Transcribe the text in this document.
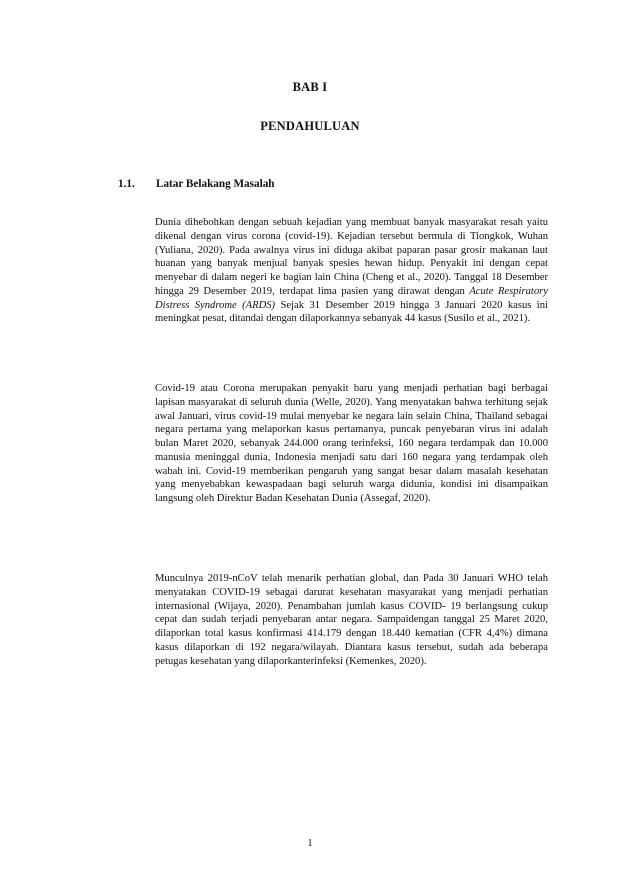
BAB I
PENDAHULUAN
1.1. Latar Belakang Masalah

Dunia dihebohkan dengan sebuah kejadian yang membuat banyak masyarakat resah yaitu dikenal dengan virus corona (covid-19). Kejadian tersebut bermula di Tiongkok, Wuhan (Yuliana, 2020). Pada awalnya virus ini diduga akibat paparan pasar grosir makanan laut huanan yang banyak menjual banyak spesies hewan hidup. Penyakit ini dengan cepat menyebar di dalam negeri ke bagian lain China (Cheng et al., 2020). Tanggal 18 Desember hingga 29 Desember 2019, terdapat lima pasien yang dirawat dengan Acute Respiratory Distress Syndrome (ARDS) Sejak 31 Desember 2019 hingga 3 Januari 2020 kasus ini meningkat pesat, ditandai dengan dilaporkannya sebanyak 44 kasus (Susilo et al., 2021).

Covid-19 atau Corona merupakan penyakit baru yang menjadi perhatian bagi berbagai lapisan masyarakat di seluruh dunia (Welle, 2020). Yang menyatakan bahwa terhitung sejak awal Januari, virus covid-19 mulai menyebar ke negara lain selain China, Thailand sebagai negara pertama yang melaporkan kasus pertamanya, puncak penyebaran virus ini adalah bulan Maret 2020, sebanyak 244.000 orang terinfeksi, 160 negara terdampak dan 10.000 manusia meninggal dunia, Indonesia menjadi satu dari 160 negara yang terdampak oleh wabah ini. Covid-19 memberikan pengaruh yang sangat besar dalam masalah kesehatan yang menyebabkan kewaspadaan bagi seluruh warga didunia, kondisi ini disampaikan langsung oleh Direktur Badan Kesehatan Dunia (Assegaf, 2020).

Munculnya 2019-nCoV telah menarik perhatian global, dan Pada 30 Januari WHO telah menyatakan COVID-19 sebagai darurat kesehatan masyarakat yang menjadi perhatian internasional (Wijaya, 2020). Penambahan jumlah kasus COVID- 19 berlangsung cukup cepat dan sudah terjadi penyebaran antar negara. Sampaidengan tanggal 25 Maret 2020, dilaporkan total kasus konfirmasi 414.179 dengan 18.440 kematian (CFR 4,4%) dimana kasus dilaporkan di 192 negara/wilayah. Diantara kasus tersebut, sudah ada beberapa petugas kesehatan yang dilaporkanterinfeksi (Kemenkes, 2020).

1
